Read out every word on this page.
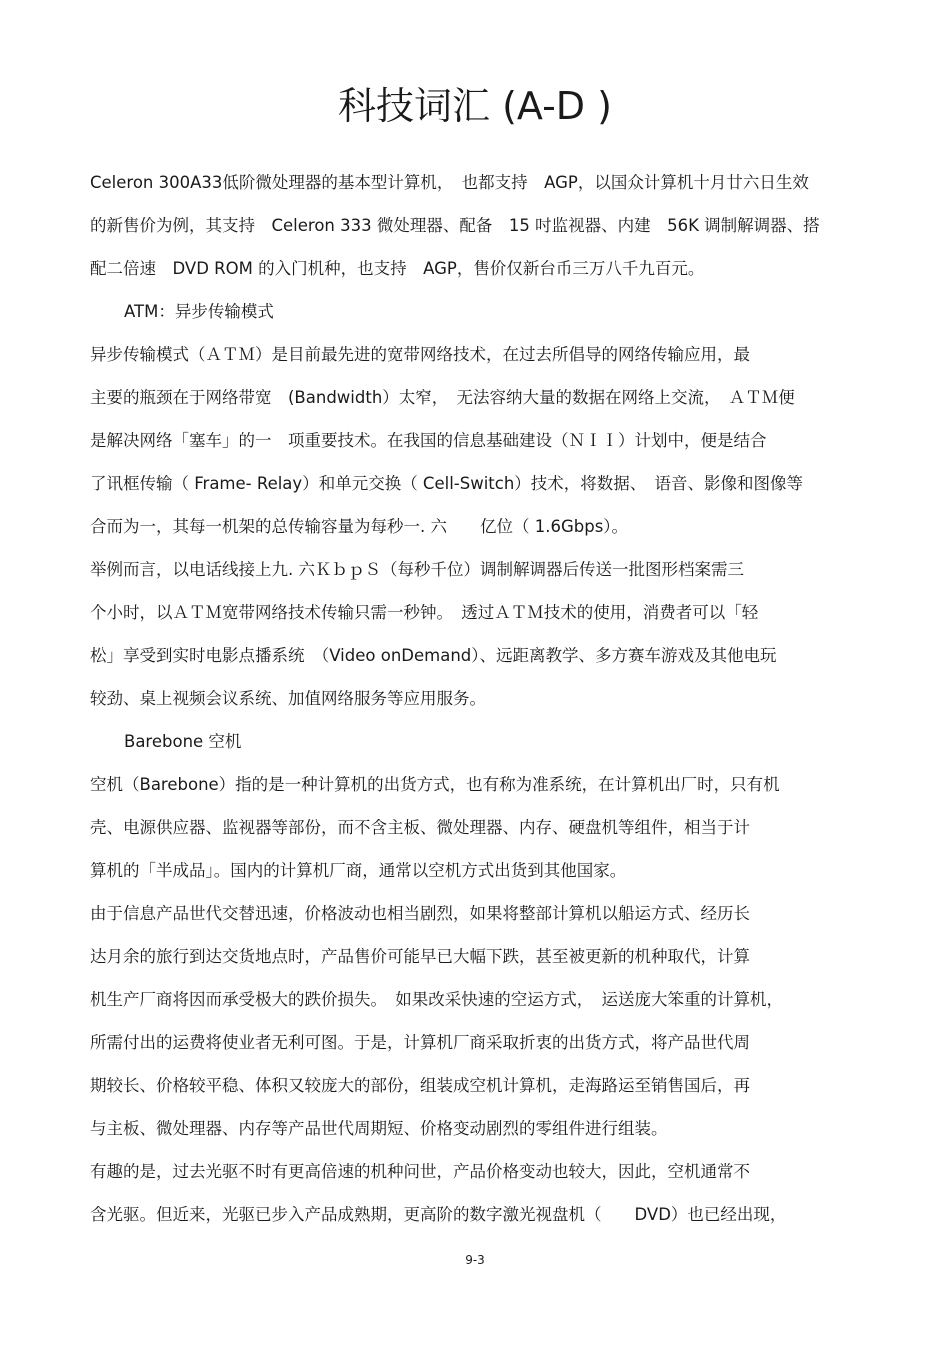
科技词汇 (A-D )
Celeron 300A33低阶微处理器的基本型计算机，　也都支持　AGP，以国众计算机十月廿六日生效
的新售价为例，其支持　Celeron 333 微处理器、配备　15 吋监视器、内建　56K 调制解调器、搭
配二倍速　DVD ROM 的入门机种，也支持　AGP，售价仅新台币三万八千九百元。
ATM：异步传输模式
异步传输模式（ＡＴＭ）是目前最先进的宽带网络技术，在过去所倡导的网络传输应用，最
主要的瓶颈在于网络带宽　(Bandwidth）太窄，　无法容纳大量的数据在网络上交流，　ＡＴＭ便
是解决网络「塞车」的一　项重要技术。在我国的信息基础建设（ＮＩＩ）计划中，便是结合
了讯框传输（ Frame- Relay）和单元交换（ Cell-Switch）技术，将数据、　语音、影像和图像等
合而为一，其每一机架的总传输容量为每秒一. 六　　亿位（ 1.6Gbps）。
举例而言，以电话线接上九. 六ＫｂｐＳ（每秒千位）调制解调器后传送一批图形档案需三
个小时，以ＡＴＭ宽带网络技术传输只需一秒钟。　透过ＡＴＭ技术的使用，消费者可以「轻
松」享受到实时电影点播系统　（Video onDemand）、远距离教学、多方赛车游戏及其他电玩
较劲、桌上视频会议系统、加值网络服务等应用服务。
Barebone 空机
空机（Barebone）指的是一种计算机的出货方式，也有称为准系统，在计算机出厂时，只有机
壳、电源供应器、监视器等部份，而不含主板、微处理器、内存、硬盘机等组件，相当于计
算机的「半成品」。国内的计算机厂商，通常以空机方式出货到其他国家。
由于信息产品世代交替迅速，价格波动也相当剧烈，如果将整部计算机以船运方式、经历长
达月余的旅行到达交货地点时，产品售价可能早已大幅下跌，甚至被更新的机种取代，计算
机生产厂商将因而承受极大的跌价损失。　如果改采快速的空运方式，　运送庞大笨重的计算机，
所需付出的运费将使业者无利可图。于是，计算机厂商采取折衷的出货方式，将产品世代周
期较长、价格较平稳、体积又较庞大的部份，组装成空机计算机，走海路运至销售国后，再
与主板、微处理器、内存等产品世代周期短、价格变动剧烈的零组件进行组装。
有趣的是，过去光驱不时有更高倍速的机种问世，产品价格变动也较大，因此，空机通常不
含光驱。但近来，光驱已步入产品成熟期，更高阶的数字激光视盘机（　　DVD）也已经出现，
9-3
